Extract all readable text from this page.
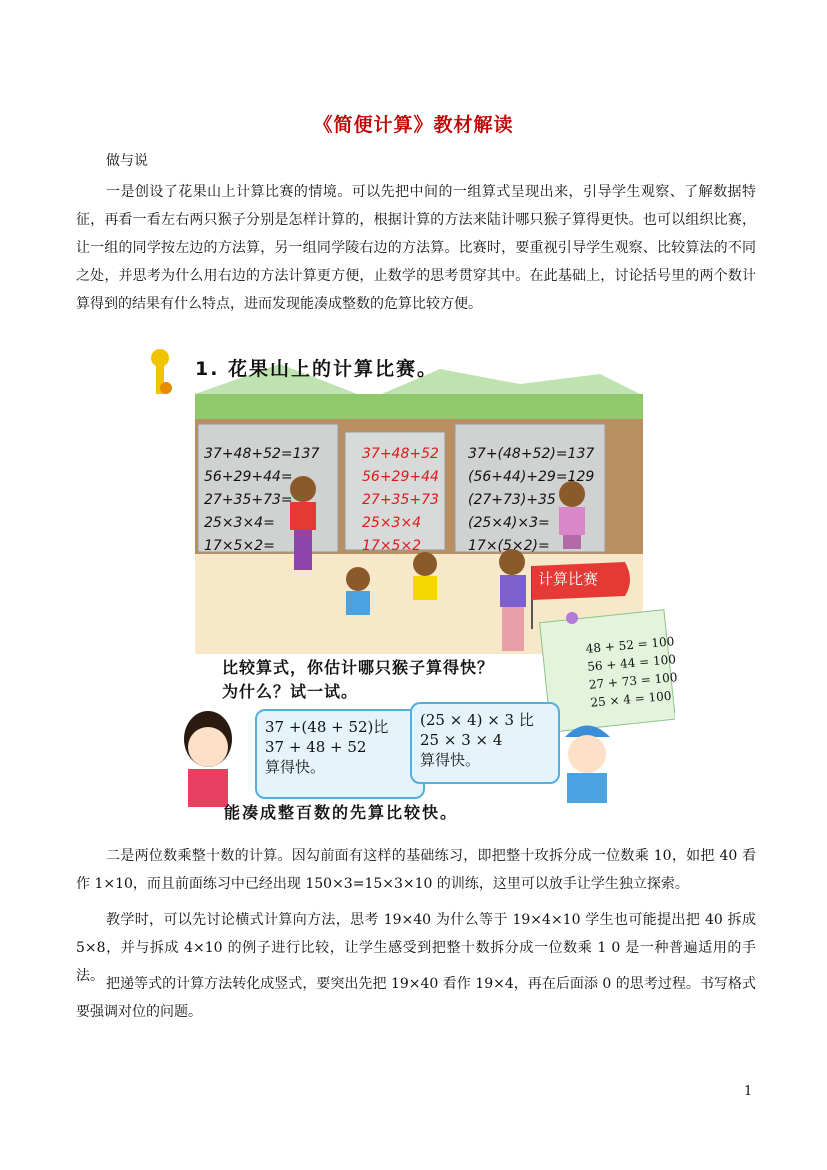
《简便计算》教材解读
做与说

一是创设了花果山上计算比赛的情境。可以先把中间的一组算式呈现出来，引导学生观察、了解数据特征，再看一看左右两只猴子分别是怎样计算的，根据计算的方法来陆计哪只猴子算得更快。也可以组织比赛，让一组的同学按左边的方法算，另一组同学陵右边的方法算。比赛时，要重视引导学生观察、比较算法的不同之处，并思考为什么用右边的方法计算更方便，止数学的思考贯穿其中。在此基础上，讨论括号里的两个数计算得到的结果有什么特点，进而发现能凑成整数的危算比较方便。

1. 花果山上的计算比赛。
37+48+52=137
56+29+44=
27+35+73=
25×3×4=
17×5×2=
37+48+52
56+29+44
27+35+73
25×3×4
17×5×2
37+(48+52)=137
(56+44)+29=129
(27+73)+35
(25×4)×3=
17×(5×2)=
计算比赛
48 + 52 = 100
56 + 44 = 100
27 + 73 = 100
25 × 4 = 100
比较算式，你估计哪只猴子算得快？
为什么？试一试。
37 +(48 + 52)比
37 + 48 + 52
算得快。
(25 × 4) × 3 比
25 × 3 × 4
算得快。
能凑成整百数的先算比较快。

二是两位数乘整十数的计算。因勾前面有这样的基础练习，即把整十玫拆分成一位数乘 10，如把 40 看作 1×10，而且前面练习中已经出现 150×3=15×3×10 的训练，这里可以放手让学生独立探索。

教学时，可以先讨论横式计算向方法，思考 19×40 为什么等于 19×4×10 学生也可能提出把 40 拆成 5×8，并与拆成 4×10 的例子进行比较，让学生感受到把整十数拆分成一位数乘 1 0 是一种普遍适用的手法。 把递等式的计算方法转化成竖式，要突出先把 19×40 看作 19×4，再在后面添 0 的思考过程。书写格式要强调对位的问题。

1
